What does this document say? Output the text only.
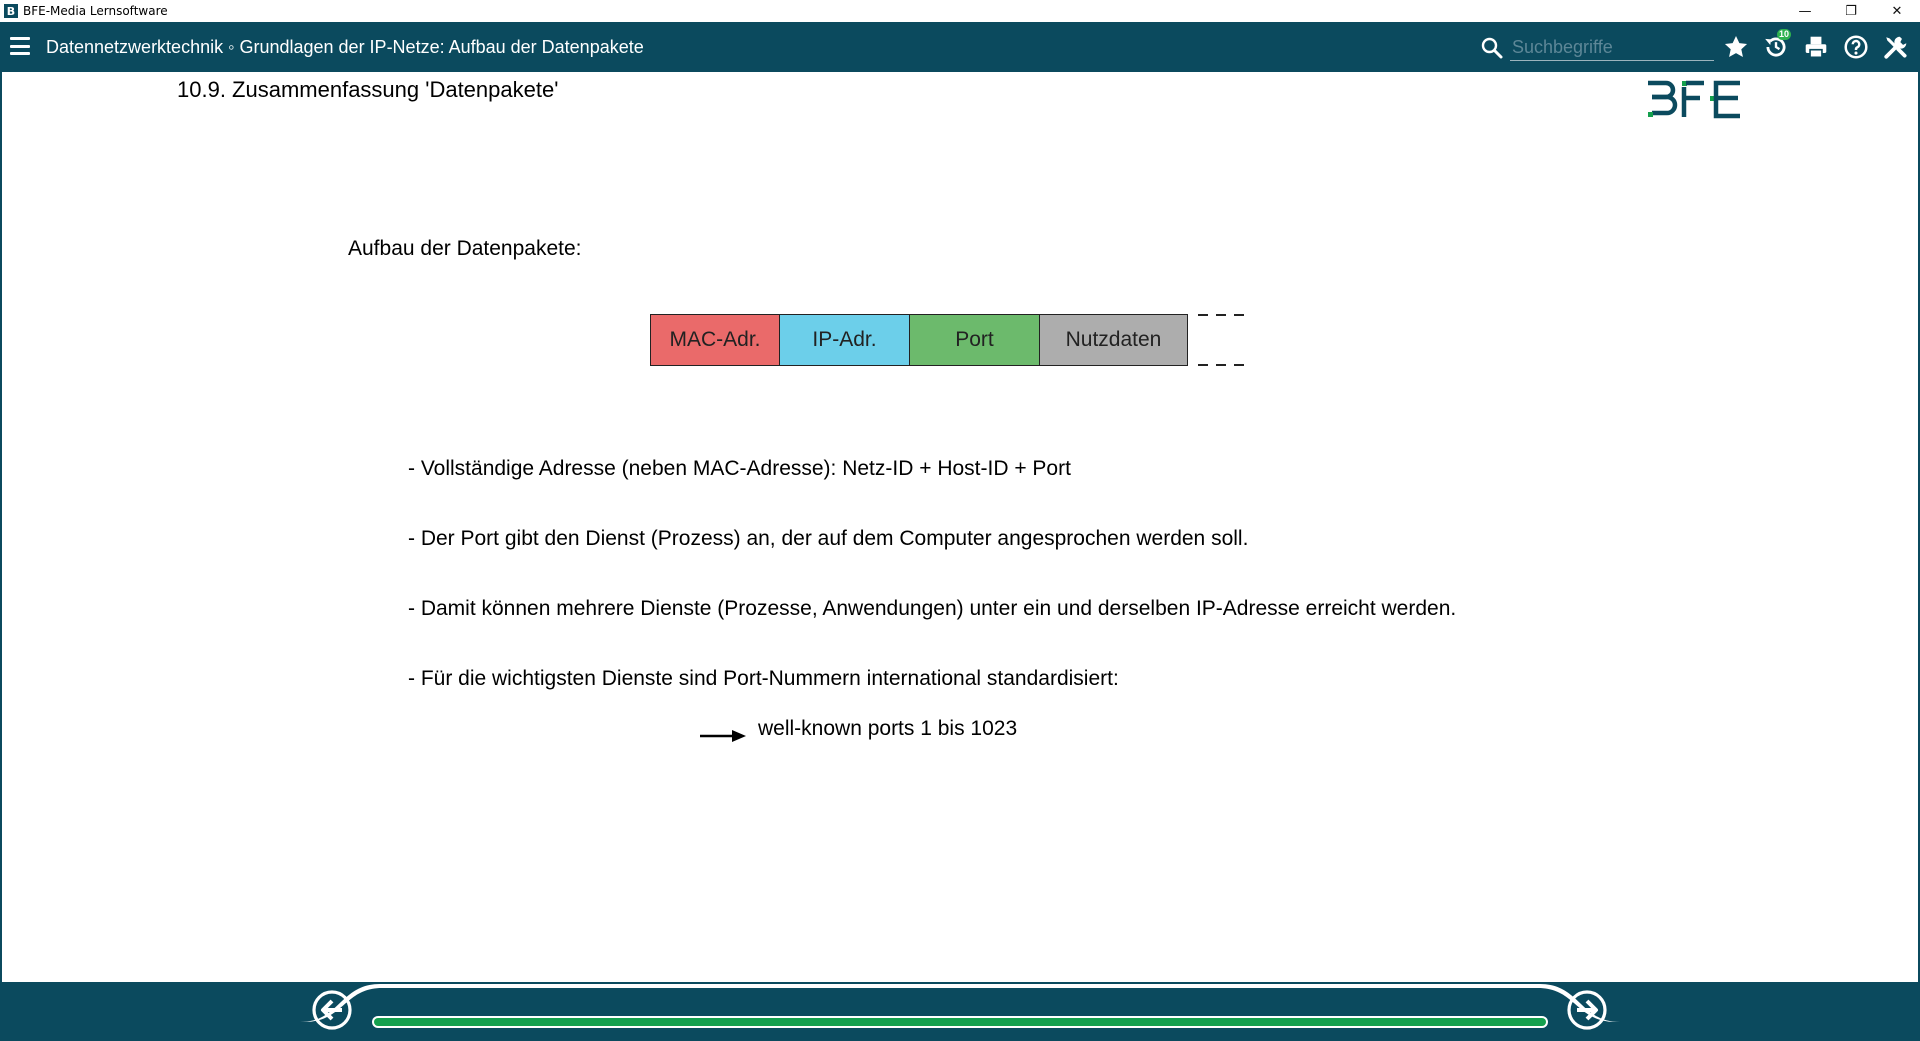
B BFE-Media Lernsoftware	—	❐	✕
Datennetzwerktechnik ◦ Grundlagen der IP-Netze: Aufbau der Datenpakete
Suchbegriffe
10
10.9. Zusammenfassung 'Datenpakete'
Aufbau der Datenpakete:
MAC-Adr.	IP-Adr.	Port	Nutzdaten
- Vollständige Adresse (neben MAC-Adresse): Netz-ID + Host-ID + Port
- Der Port gibt den Dienst (Prozess) an, der auf dem Computer angesprochen werden soll.
- Damit können mehrere Dienste (Prozesse, Anwendungen) unter ein und derselben IP-Adresse erreicht werden.
- Für die wichtigsten Dienste sind Port-Nummern international standardisiert:
well-known ports 1 bis 1023
